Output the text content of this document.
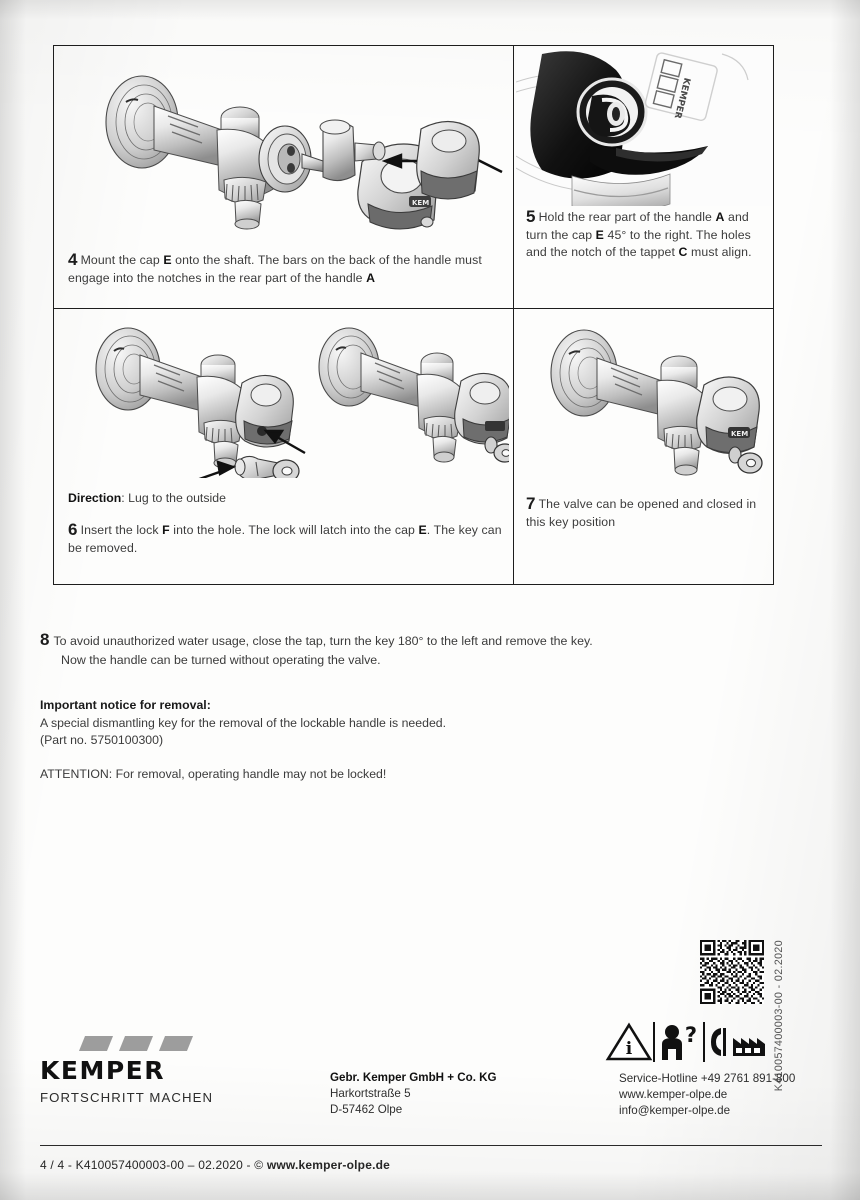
KEM
4 Mount the cap E onto the shaft. The bars on the back of the handle must engage into the notches in the rear part of the handle A
KEMPER
5 Hold the rear part of the handle A and turn the cap E 45° to the right. The holes and the notch of the tappet C must align.
Direction: Lug to the outside
6 Insert the lock F into the hole. The lock will latch into the cap E. The key can be removed.
KEM
7 The valve can be opened and closed in this key position
8 To avoid unauthorized water usage, close the tap, turn the key 180° to the left and remove the key.
Now the handle can be turned without operating the valve.
Important notice for removal:
A special dismantling key for the removal of the lockable handle is needed.
(Part no. 5750100300)
ATTENTION: For removal, operating handle may not be locked!
K410057400003-00 - 02.2020
i
?
KEMPER
FORTSCHRITT MACHEN
Gebr. Kemper GmbH + Co. KG
Harkortstraße 5
D-57462 Olpe
Service-Hotline +49 2761 891-800
www.kemper-olpe.de
info@kemper-olpe.de
4 / 4 - K410057400003-00 – 02.2020 - © www.kemper-olpe.de
